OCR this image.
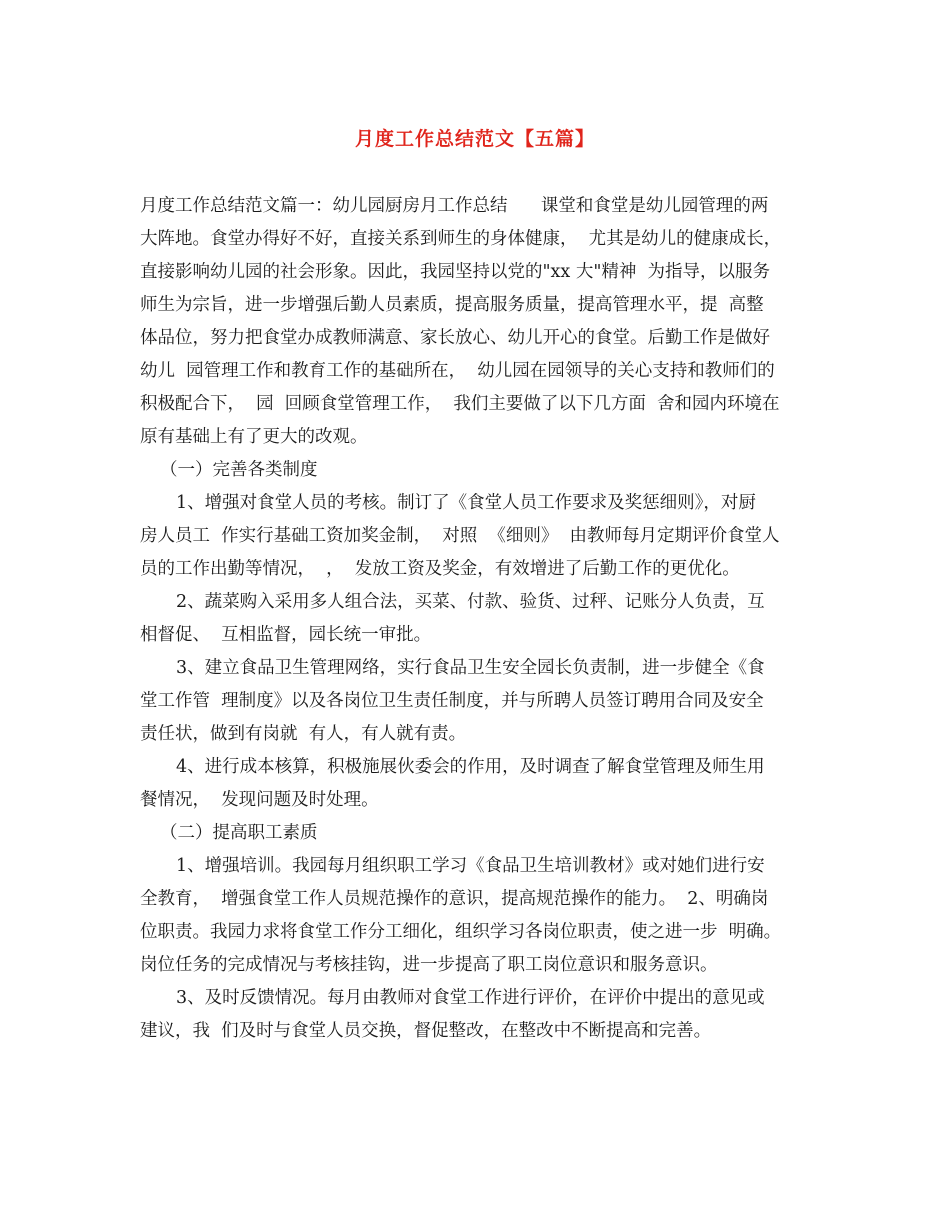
月度工作总结范文【五篇】
月度工作总结范文篇一：幼儿园厨房月工作总结      课堂和食堂是幼儿园管理的两
大阵地。食堂办得好不好，直接关系到师生的身体健康，  尤其是幼儿的健康成长，
直接影响幼儿园的社会形象。因此，我园坚持以党的"xx 大"精神  为指导，以服务
师生为宗旨，进一步增强后勤人员素质，提高服务质量，提高管理水平，提  高整
体品位，努力把食堂办成教师满意、家长放心、幼儿开心的食堂。后勤工作是做好
幼儿  园管理工作和教育工作的基础所在，  幼儿园在园领导的关心支持和教师们的
积极配合下，  园  回顾食堂管理工作，  我们主要做了以下几方面  舍和园内环境在
原有基础上有了更大的改观。
（一）完善各类制度
1、增强对食堂人员的考核。制订了《食堂人员工作要求及奖惩细则》，对厨
房人员工  作实行基础工资加奖金制，  对照  《细则》  由教师每月定期评价食堂人
员的工作出勤等情况，  ，  发放工资及奖金，有效增进了后勤工作的更优化。
2、蔬菜购入采用多人组合法，买菜、付款、验货、过秤、记账分人负责，互
相督促、  互相监督，园长统一审批。
3、建立食品卫生管理网络，实行食品卫生安全园长负责制，进一步健全《食
堂工作管  理制度》以及各岗位卫生责任制度，并与所聘人员签订聘用合同及安全
责任状，做到有岗就  有人，有人就有责。
4、进行成本核算，积极施展伙委会的作用，及时调查了解食堂管理及师生用
餐情况，  发现问题及时处理。
（二）提高职工素质
1、增强培训。我园每月组织职工学习《食品卫生培训教材》或对她们进行安
全教育，  增强食堂工作人员规范操作的意识，提高规范操作的能力。  2、明确岗
位职责。我园力求将食堂工作分工细化，组织学习各岗位职责，使之进一步  明确。
岗位任务的完成情况与考核挂钩，进一步提高了职工岗位意识和服务意识。
3、及时反馈情况。每月由教师对食堂工作进行评价，在评价中提出的意见或
建议，我  们及时与食堂人员交换，督促整改，在整改中不断提高和完善。
